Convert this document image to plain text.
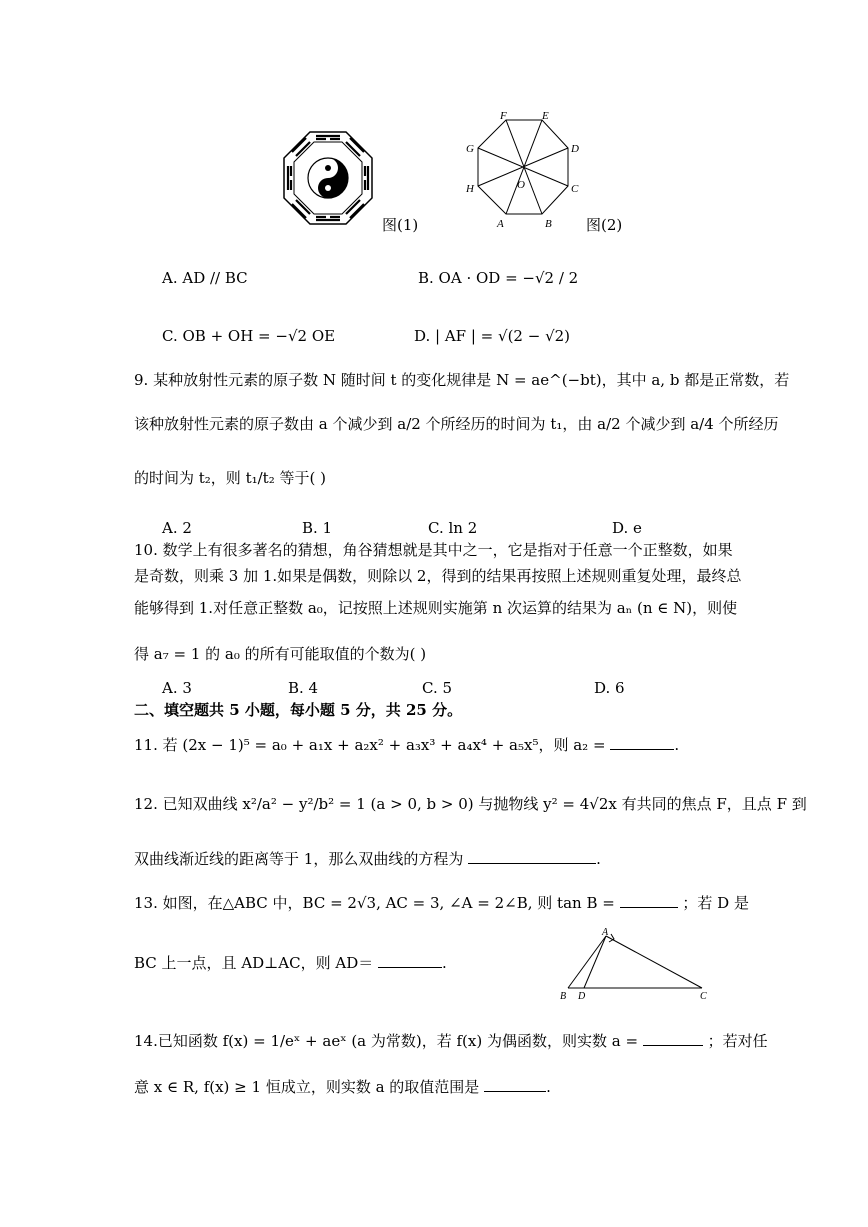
图(1)
F	E
D
C
B
A
H
G
O
图(2)
A. AD // BC	B. OA · OD = −√2 / 2
C. OB + OH = −√2 OE	D. | AF | = √(2 − √2)
9. 某种放射性元素的原子数 N 随时间 t 的变化规律是 N = ae^(−bt)，其中 a, b 都是正常数，若
该种放射性元素的原子数由 a 个减少到 a/2 个所经历的时间为 t₁，由 a/2 个减少到 a/4 个所经历
的时间为 t₂，则 t₁/t₂ 等于( )
A. 2	B. 1	C. ln 2	D. e
10. 数学上有很多著名的猜想，角谷猜想就是其中之一，它是指对于任意一个正整数，如果
是奇数，则乘 3 加 1.如果是偶数，则除以 2，得到的结果再按照上述规则重复处理，最终总
能够得到 1.对任意正整数 a₀，记按照上述规则实施第 n 次运算的结果为 aₙ (n ∈ N)，则使
得 a₇ = 1 的 a₀ 的所有可能取值的个数为( )
A. 3	B. 4	C. 5	D. 6
二、填空题共 5 小题，每小题 5 分，共 25 分。
11. 若 (2x − 1)⁵ = a₀ + a₁x + a₂x² + a₃x³ + a₄x⁴ + a₅x⁵，则 a₂ =	.
12. 已知双曲线 x²/a² − y²/b² = 1 (a > 0, b > 0) 与抛物线 y² = 4√2x 有共同的焦点 F，且点 F 到
双曲线渐近线的距离等于 1，那么双曲线的方程为	.
13. 如图，在△ABC 中，BC = 2√3, AC = 3, ∠A = 2∠B, 则 tan B =	；若 D 是
BC 上一点，且 AD⊥AC，则 AD＝	.
A
B D	C
14.已知函数 f(x) = 1/eˣ + aeˣ (a 为常数)，若 f(x) 为偶函数，则实数 a =	；若对任
意 x ∈ R, f(x) ≥ 1 恒成立，则实数 a 的取值范围是	.
